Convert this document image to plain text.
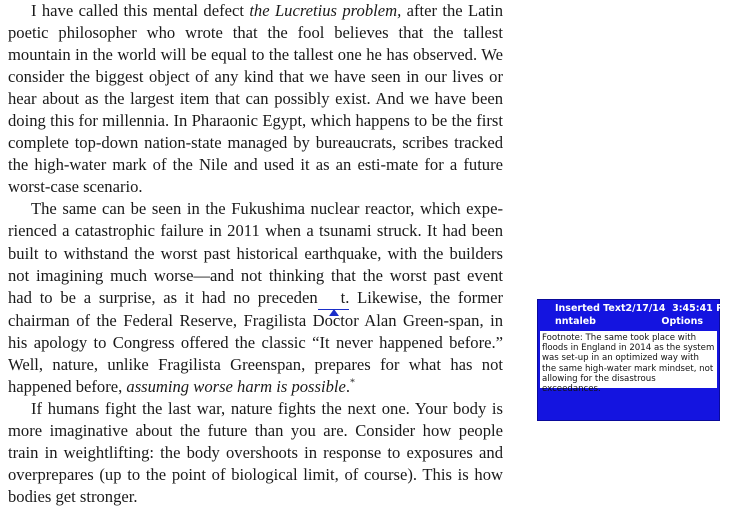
I have called this mental defect the Lucretius problem, after the Latin poetic philosopher who wrote that the fool believes that the tallest mountain in the world will be equal to the tallest one he has observed. We consider the biggest object of any kind that we have seen in our lives or hear about as the largest item that can possibly exist. And we have been doing this for millennia. In Pharaonic Egypt, which happens to be the first complete top-down nation-state managed by bureaucrats, scribes tracked the high-water mark of the Nile and used it as an esti-mate for a future worst-case scenario.

The same can be seen in the Fukushima nuclear reactor, which expe-rienced a catastrophic failure in 2011 when a tsunami struck. It had been built to withstand the worst past historical earthquake, with the builders not imagining much worse—and not thinking that the worst past event had to be a surprise, as it had no preceden t.
Likewise, the former chairman of the Federal Reserve, Fragilista Doctor Alan Green-span, in his apology to Congress offered the classic “It never happened before.” Well, nature, unlike Fragilista Greenspan, prepares for what has not happened before, assuming worse harm is possible.*

If humans fight the last war, nature fights the next one. Your body is more imaginative about the future than you are. Consider how people train in weightlifting: the body overshoots in response to exposures and overprepares (up to the point of biological limit, of course). This is how bodies get stronger.

Inserted Text 2/17/14 3:45:41 PM
nntaleb	Options
Footnote: The same took place with floods in England in 2014 as the system was set-up in an optimized way with the same high-water mark mindset, not allowing for the disastrous exceedances.
